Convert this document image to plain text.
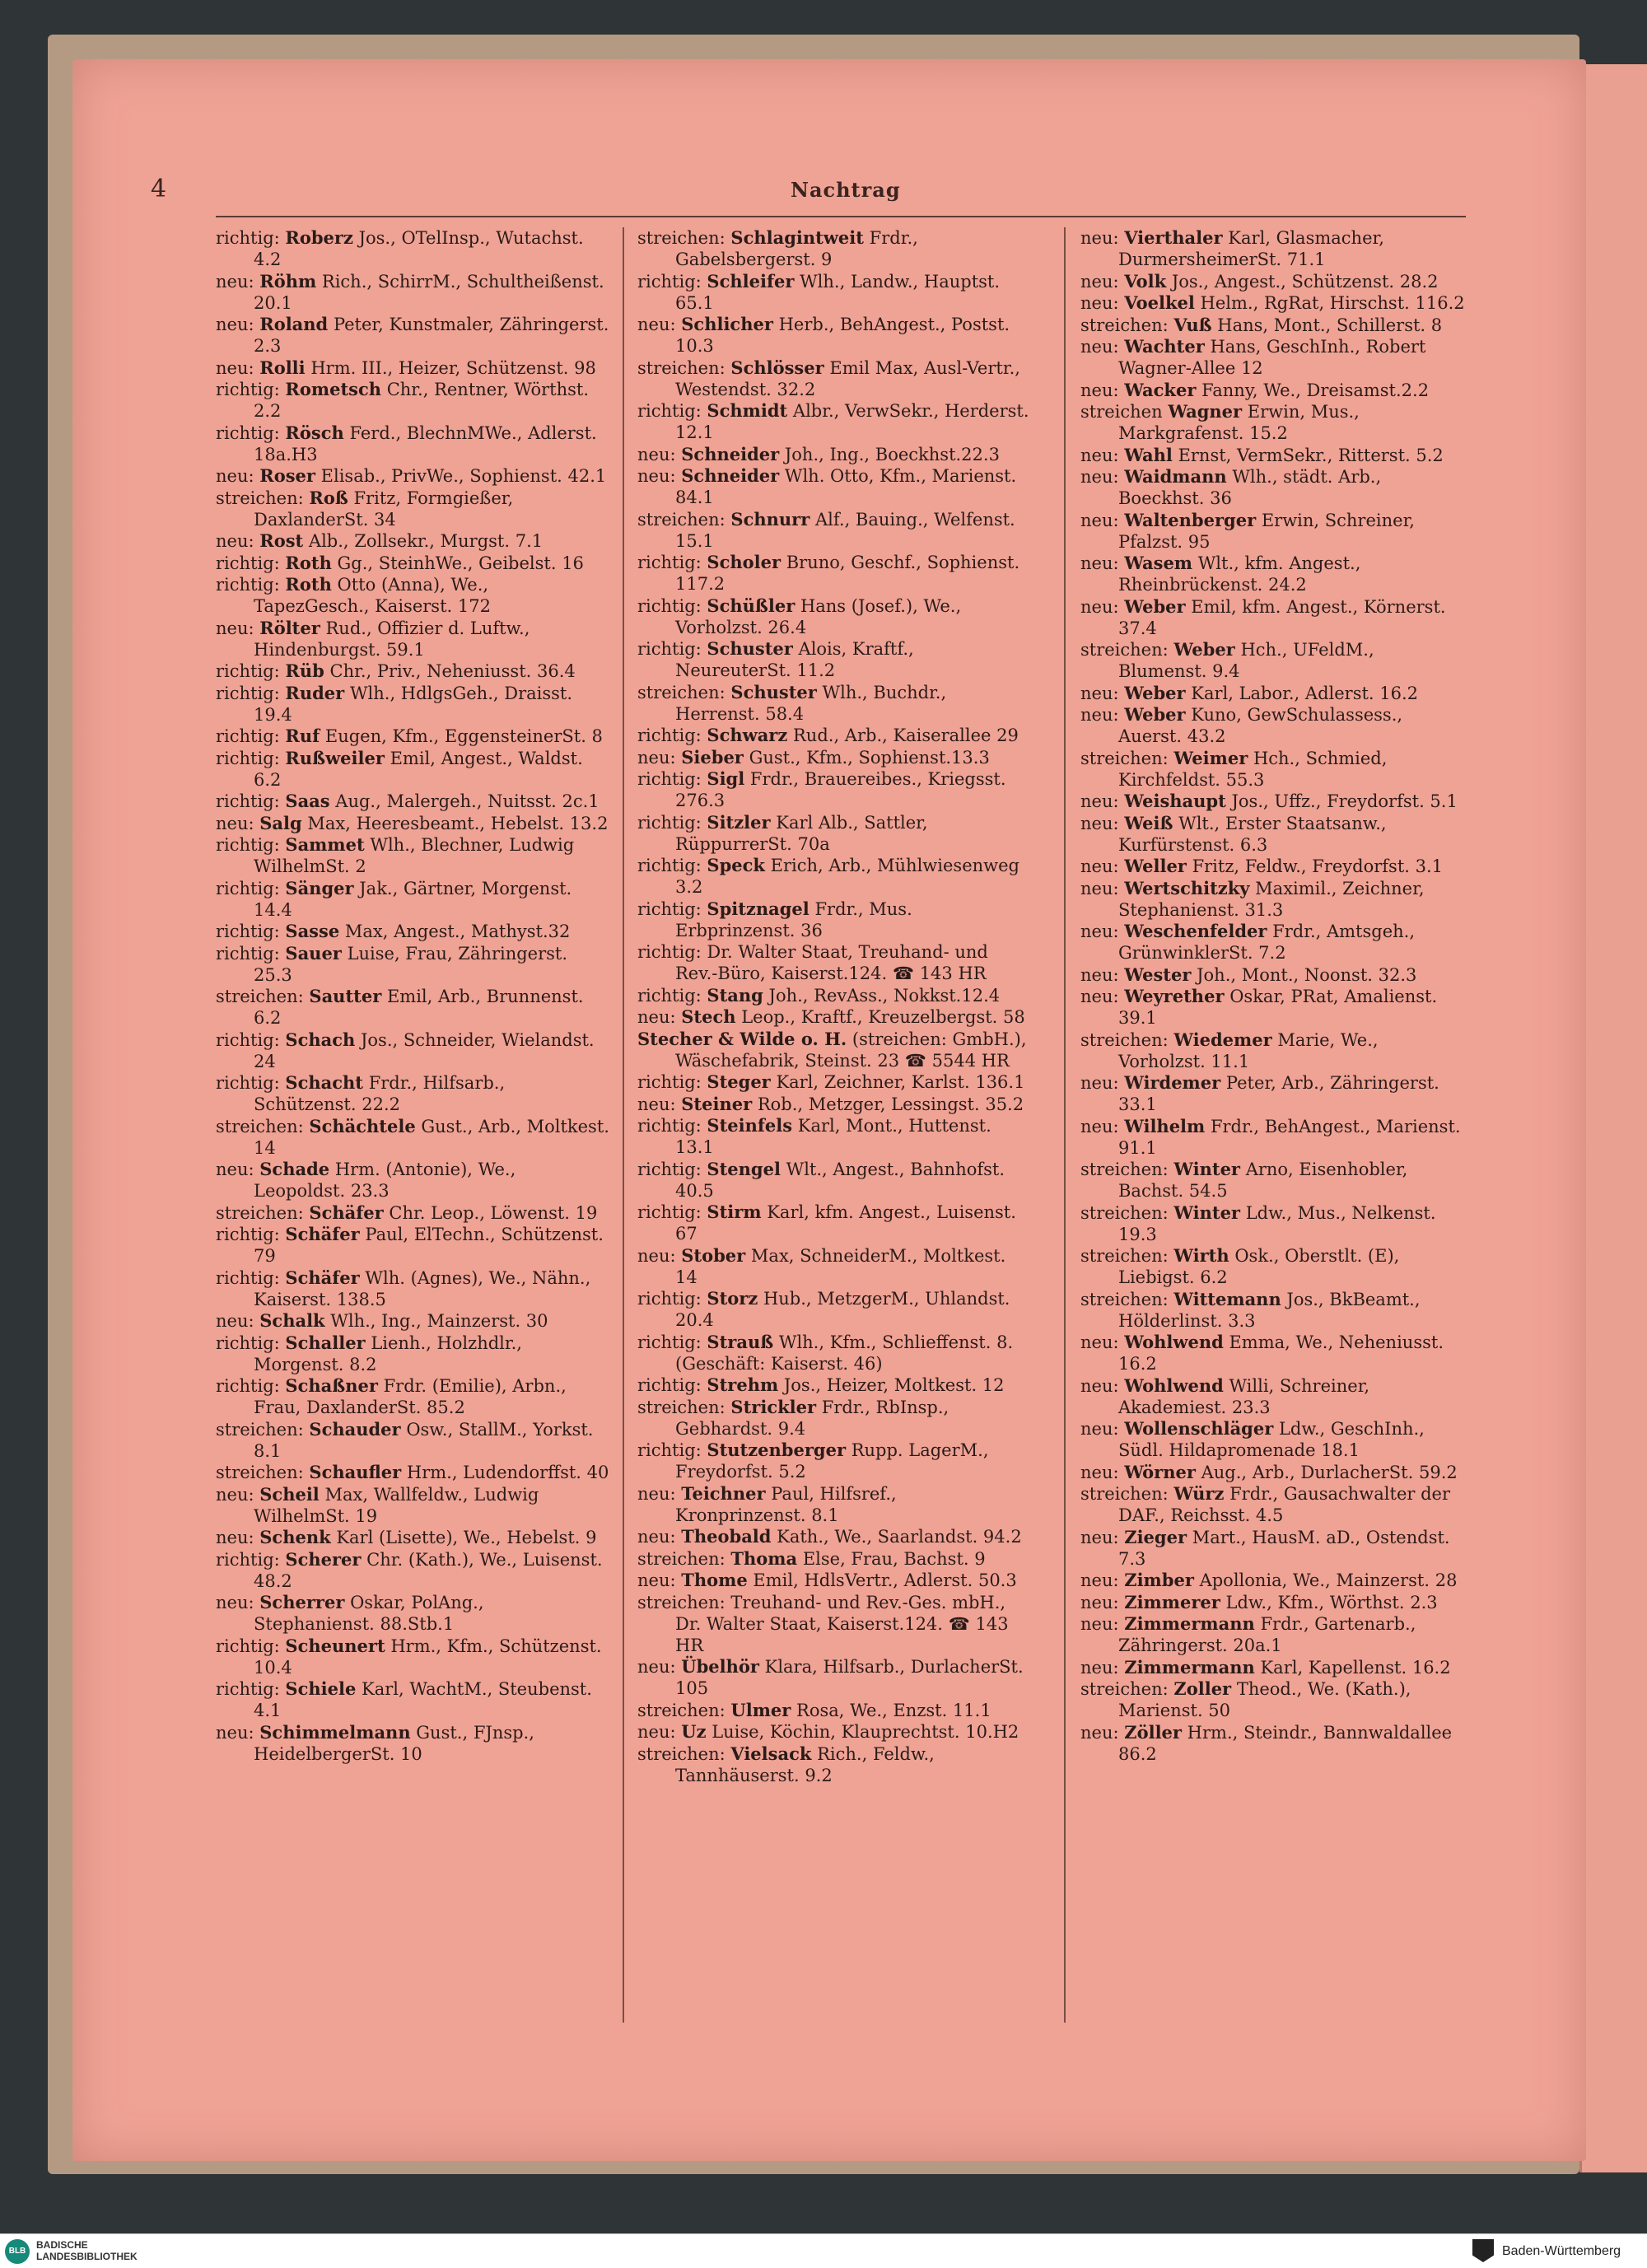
4	Nachtrag
richtig: Roberz Jos., OTelInsp., Wutachst. 4.2
neu: Röhm Rich., SchirrM., Schultheißenst. 20.1
neu: Roland Peter, Kunstmaler, Zähringerst. 2.3
neu: Rolli Hrm. III., Heizer, Schützenst. 98
richtig: Rometsch Chr., Rentner, Wörthst. 2.2
richtig: Rösch Ferd., BlechnMWe., Adlerst. 18a.H3
neu: Roser Elisab., PrivWe., Sophienst. 42.1
streichen: Roß Fritz, Formgießer, DaxlanderSt. 34
neu: Rost Alb., Zollsekr., Murgst. 7.1
richtig: Roth Gg., SteinhWe., Geibelst. 16
richtig: Roth Otto (Anna), We., TapezGesch., Kaiserst. 172
neu: Rölter Rud., Offizier d. Luftw., Hindenburgst. 59.1
richtig: Rüb Chr., Priv., Neheniusst. 36.4
richtig: Ruder Wlh., HdlgsGeh., Draisst. 19.4
richtig: Ruf Eugen, Kfm., EggensteinerSt. 8
richtig: Rußweiler Emil, Angest., Waldst. 6.2
richtig: Saas Aug., Malergeh., Nuitsst. 2c.1
neu: Salg Max, Heeresbeamt., Hebelst. 13.2
richtig: Sammet Wlh., Blechner, Ludwig WilhelmSt. 2
richtig: Sänger Jak., Gärtner, Morgenst. 14.4
richtig: Sasse Max, Angest., Mathyst.32
richtig: Sauer Luise, Frau, Zähringerst. 25.3
streichen: Sautter Emil, Arb., Brunnenst. 6.2
richtig: Schach Jos., Schneider, Wielandst. 24
richtig: Schacht Frdr., Hilfsarb., Schützenst. 22.2
streichen: Schächtele Gust., Arb., Moltkest. 14
neu: Schade Hrm. (Antonie), We., Leopoldst. 23.3
streichen: Schäfer Chr. Leop., Löwenst. 19
richtig: Schäfer Paul, ElTechn., Schützenst. 79
richtig: Schäfer Wlh. (Agnes), We., Nähn., Kaiserst. 138.5
neu: Schalk Wlh., Ing., Mainzerst. 30
richtig: Schaller Lienh., Holzhdlr., Morgenst. 8.2
richtig: Schaßner Frdr. (Emilie), Arbn., Frau, DaxlanderSt. 85.2
streichen: Schauder Osw., StallM., Yorkst. 8.1
streichen: Schaufler Hrm., Ludendorffst. 40
neu: Scheil Max, Wallfeldw., Ludwig WilhelmSt. 19
neu: Schenk Karl (Lisette), We., Hebelst. 9
richtig: Scherer Chr. (Kath.), We., Luisenst. 48.2
neu: Scherrer Oskar, PolAng., Stephanienst. 88.Stb.1
richtig: Scheunert Hrm., Kfm., Schützenst. 10.4
richtig: Schiele Karl, WachtM., Steubenst. 4.1
neu: Schimmelmann Gust., FJnsp., HeidelbergerSt. 10
streichen: Schlagintweit Frdr., Gabelsbergerst. 9
richtig: Schleifer Wlh., Landw., Hauptst. 65.1
neu: Schlicher Herb., BehAngest., Postst. 10.3
streichen: Schlösser Emil Max, Ausl-Vertr., Westendst. 32.2
richtig: Schmidt Albr., VerwSekr., Herderst. 12.1
neu: Schneider Joh., Ing., Boeckhst.22.3
neu: Schneider Wlh. Otto, Kfm., Marienst. 84.1
streichen: Schnurr Alf., Bauing., Welfenst. 15.1
richtig: Scholer Bruno, Geschf., Sophienst. 117.2
richtig: Schüßler Hans (Josef.), We., Vorholzst. 26.4
richtig: Schuster Alois, Kraftf., NeureuterSt. 11.2
streichen: Schuster Wlh., Buchdr., Herrenst. 58.4
richtig: Schwarz Rud., Arb., Kaiserallee 29
neu: Sieber Gust., Kfm., Sophienst.13.3
richtig: Sigl Frdr., Brauereibes., Kriegsst. 276.3
richtig: Sitzler Karl Alb., Sattler, RüppurrerSt. 70a
richtig: Speck Erich, Arb., Mühlwiesenweg 3.2
richtig: Spitznagel Frdr., Mus. Erbprinzenst. 36
richtig: Dr. Walter Staat, Treuhand- und Rev.-Büro, Kaiserst.124. ☎ 143 HR
richtig: Stang Joh., RevAss., Nokkst.12.4
neu: Stech Leop., Kraftf., Kreuzelbergst. 58
Stecher & Wilde o. H. (streichen: GmbH.), Wäschefabrik, Steinst. 23 ☎ 5544 HR
richtig: Steger Karl, Zeichner, Karlst. 136.1
neu: Steiner Rob., Metzger, Lessingst. 35.2
richtig: Steinfels Karl, Mont., Huttenst. 13.1
richtig: Stengel Wlt., Angest., Bahnhofst. 40.5
richtig: Stirm Karl, kfm. Angest., Luisenst. 67
neu: Stober Max, SchneiderM., Moltkest. 14
richtig: Storz Hub., MetzgerM., Uhlandst. 20.4
richtig: Strauß Wlh., Kfm., Schlieffenst. 8. (Geschäft: Kaiserst. 46)
richtig: Strehm Jos., Heizer, Moltkest. 12
streichen: Strickler Frdr., RbInsp., Gebhardst. 9.4
richtig: Stutzenberger Rupp. LagerM., Freydorfst. 5.2
neu: Teichner Paul, Hilfsref., Kronprinzenst. 8.1
neu: Theobald Kath., We., Saarlandst. 94.2
streichen: Thoma Else, Frau, Bachst. 9
neu: Thome Emil, HdlsVertr., Adlerst. 50.3
streichen: Treuhand- und Rev.-Ges. mbH., Dr. Walter Staat, Kaiserst.124. ☎ 143 HR
neu: Übelhör Klara, Hilfsarb., DurlacherSt. 105
streichen: Ulmer Rosa, We., Enzst. 11.1
neu: Uz Luise, Köchin, Klauprechtst. 10.H2
streichen: Vielsack Rich., Feldw., Tannhäuserst. 9.2
neu: Vierthaler Karl, Glasmacher, DurmersheimerSt. 71.1
neu: Volk Jos., Angest., Schützenst. 28.2
neu: Voelkel Helm., RgRat, Hirschst. 116.2
streichen: Vuß Hans, Mont., Schillerst. 8
neu: Wachter Hans, GeschInh., Robert Wagner-Allee 12
neu: Wacker Fanny, We., Dreisamst.2.2
streichen Wagner Erwin, Mus., Markgrafenst. 15.2
neu: Wahl Ernst, VermSekr., Ritterst. 5.2
neu: Waidmann Wlh., städt. Arb., Boeckhst. 36
neu: Waltenberger Erwin, Schreiner, Pfalzst. 95
neu: Wasem Wlt., kfm. Angest., Rheinbrückenst. 24.2
neu: Weber Emil, kfm. Angest., Körnerst. 37.4
streichen: Weber Hch., UFeldM., Blumenst. 9.4
neu: Weber Karl, Labor., Adlerst. 16.2
neu: Weber Kuno, GewSchulassess., Auerst. 43.2
streichen: Weimer Hch., Schmied, Kirchfeldst. 55.3
neu: Weishaupt Jos., Uffz., Freydorfst. 5.1
neu: Weiß Wlt., Erster Staatsanw., Kurfürstenst. 6.3
neu: Weller Fritz, Feldw., Freydorfst. 3.1
neu: Wertschitzky Maximil., Zeichner, Stephanienst. 31.3
neu: Weschenfelder Frdr., Amtsgeh., GrünwinklerSt. 7.2
neu: Wester Joh., Mont., Noonst. 32.3
neu: Weyrether Oskar, PRat, Amalienst. 39.1
streichen: Wiedemer Marie, We., Vorholzst. 11.1
neu: Wirdemer Peter, Arb., Zähringerst. 33.1
neu: Wilhelm Frdr., BehAngest., Marienst. 91.1
streichen: Winter Arno, Eisenhobler, Bachst. 54.5
streichen: Winter Ldw., Mus., Nelkenst. 19.3
streichen: Wirth Osk., Oberstlt. (E), Liebigst. 6.2
streichen: Wittemann Jos., BkBeamt., Hölderlinst. 3.3
neu: Wohlwend Emma, We., Neheniusst. 16.2
neu: Wohlwend Willi, Schreiner, Akademiest. 23.3
neu: Wollenschläger Ldw., GeschInh., Südl. Hildapromenade 18.1
neu: Wörner Aug., Arb., DurlacherSt. 59.2
streichen: Würz Frdr., Gausachwalter der DAF., Reichsst. 4.5
neu: Zieger Mart., HausM. aD., Ostendst. 7.3
neu: Zimber Apollonia, We., Mainzerst. 28
neu: Zimmerer Ldw., Kfm., Wörthst. 2.3
neu: Zimmermann Frdr., Gartenarb., Zähringerst. 20a.1
neu: Zimmermann Karl, Kapellenst. 16.2
streichen: Zoller Theod., We. (Kath.), Marienst. 50
neu: Zöller Hrm., Steindr., Bannwaldallee 86.2
BLB
BADISCHE
LANDESBIBLIOTHEK	Baden-Württemberg
